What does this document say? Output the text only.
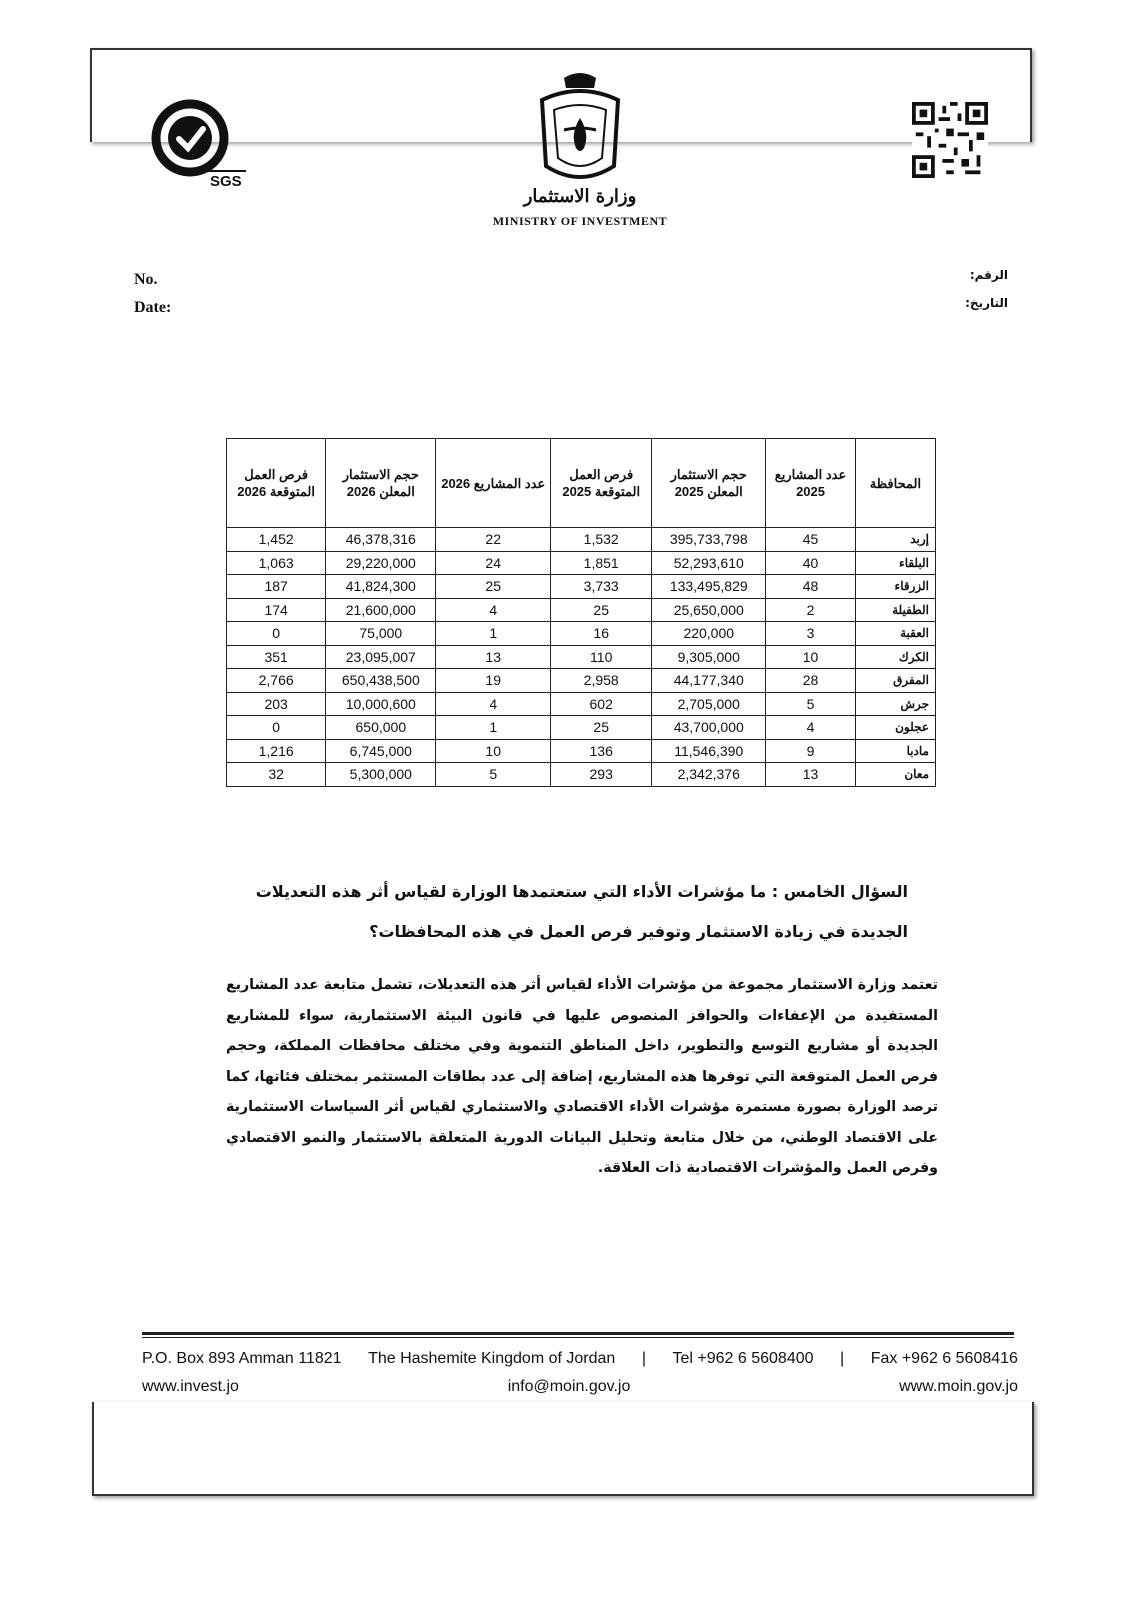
SGS
وزارة الاستثمار
MINISTRY OF INVESTMENT
No.
Date:
الرقم:
التاريخ:
المحافظة	عدد المشاريع 2025	حجم الاستثمار المعلن 2025	فرص العمل المتوقعة 2025	عدد المشاريع 2026	حجم الاستثمار المعلن 2026	فرص العمل المتوقعة 2026
إربد	45	395,733,798	1,532	22	46,378,316	1,452
البلقاء	40	52,293,610	1,851	24	29,220,000	1,063
الزرقاء	48	133,495,829	3,733	25	41,824,300	187
الطفيلة	2	25,650,000	25	4	21,600,000	174
العقبة	3	220,000	16	1	75,000	0
الكرك	10	9,305,000	110	13	23,095,007	351
المفرق	28	44,177,340	2,958	19	650,438,500	2,766
جرش	5	2,705,000	602	4	10,000,600	203
عجلون	4	43,700,000	25	1	650,000	0
مادبا	9	11,546,390	136	10	6,745,000	1,216
معان	13	2,342,376	293	5	5,300,000	32
السؤال الخامس : ما مؤشرات الأداء التي ستعتمدها الوزارة لقياس أثر هذه التعديلات الجديدة في زيادة الاستثمار وتوفير فرص العمل في هذه المحافظات؟
تعتمد وزارة الاستثمار مجموعة من مؤشرات الأداء لقياس أثر هذه التعديلات، تشمل متابعة عدد المشاريع المستفيدة من الإعفاءات والحوافز المنصوص عليها في قانون البيئة الاستثمارية، سواء للمشاريع الجديدة أو مشاريع التوسع والتطوير، داخل المناطق التنموية وفي مختلف محافظات المملكة، وحجم فرص العمل المتوقعة التي توفرها هذه المشاريع، إضافة إلى عدد بطاقات المستثمر بمختلف فئاتها، كما ترصد الوزارة بصورة مستمرة مؤشرات الأداء الاقتصادي والاستثماري لقياس أثر السياسات الاستثمارية على الاقتصاد الوطني، من خلال متابعة وتحليل البيانات الدورية المتعلقة بالاستثمار والنمو الاقتصادي وفرص العمل والمؤشرات الاقتصادية ذات العلاقة.
P.O. Box 893 Amman 11821 The Hashemite Kingdom of Jordan | Tel +962 6 5608400 | Fax +962 6 5608416
www.invest.jo	info@moin.gov.jo	www.moin.gov.jo
